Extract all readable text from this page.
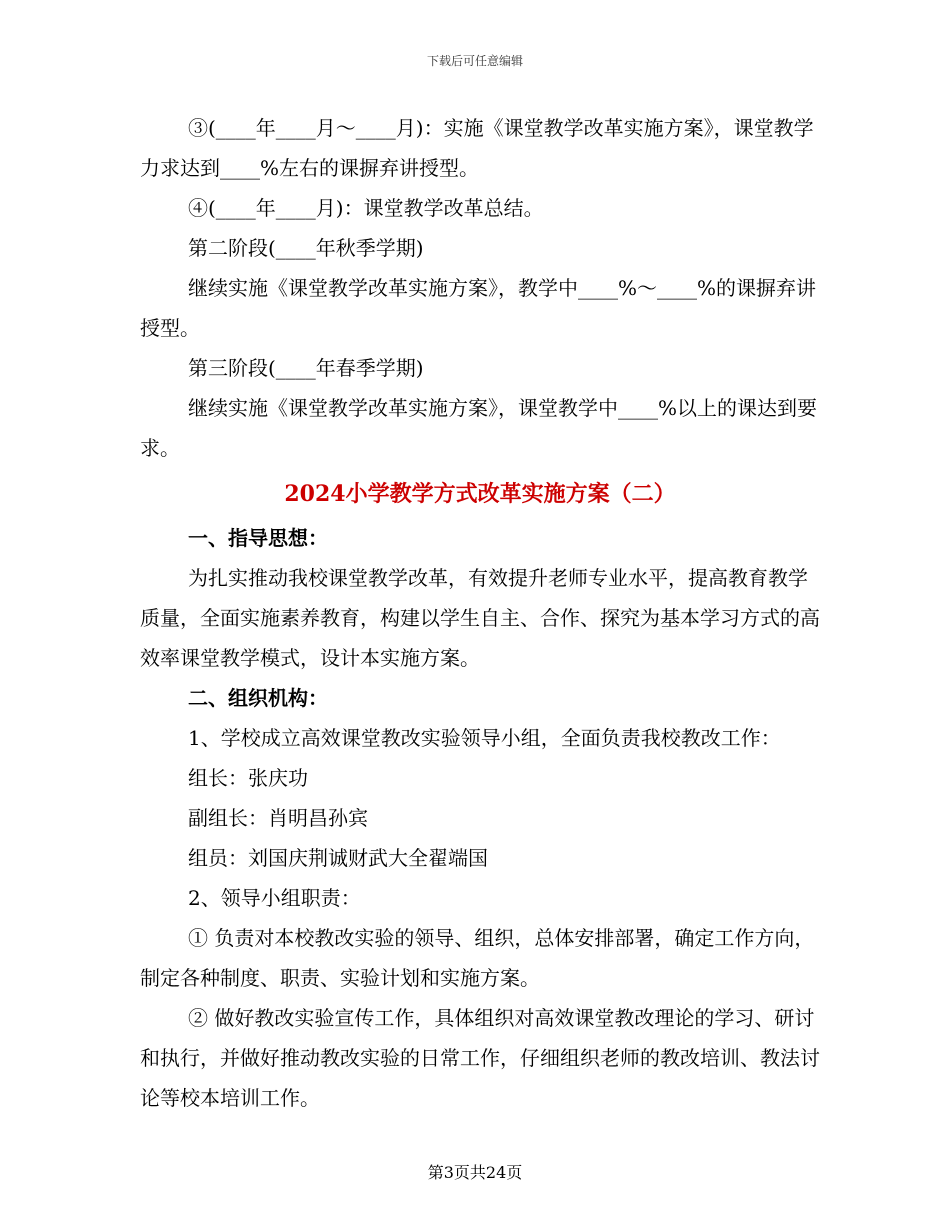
下载后可任意编辑

③(____年____月～____月)：实施《课堂教学改革实施方案》，课堂教学力求达到____%左右的课摒弃讲授型。

④(____年____月)：课堂教学改革总结。

第二阶段(____年秋季学期)

继续实施《课堂教学改革实施方案》，教学中____%～____%的课摒弃讲授型。

第三阶段(____年春季学期)

继续实施《课堂教学改革实施方案》，课堂教学中____%以上的课达到要求。

2024小学教学方式改革实施方案（二）

一、指导思想：

为扎实推动我校课堂教学改革，有效提升老师专业水平，提高教育教学质量，全面实施素养教育，构建以学生自主、合作、探究为基本学习方式的高效率课堂教学模式，设计本实施方案。

二、组织机构：

1、学校成立高效课堂教改实验领导小组，全面负责我校教改工作：

组长：张庆功

副组长：肖明昌孙宾

组员：刘国庆荆诚财武大全翟端国

2、领导小组职责：

① 负责对本校教改实验的领导、组织，总体安排部署，确定工作方向，制定各种制度、职责、实验计划和实施方案。

② 做好教改实验宣传工作，具体组织对高效课堂教改理论的学习、研讨和执行，并做好推动教改实验的日常工作，仔细组织老师的教改培训、教法讨论等校本培训工作。

第3页共24页
